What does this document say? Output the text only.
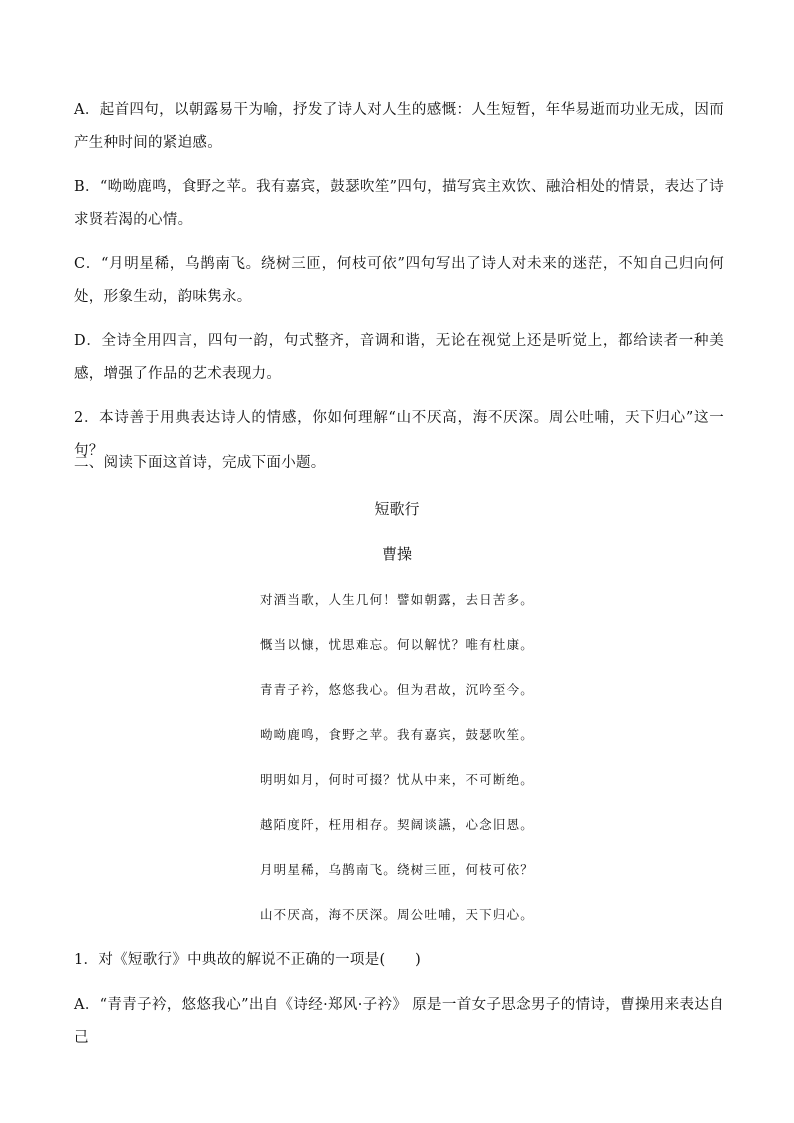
A．起首四句，以朝露易干为喻，抒发了诗人对人生的感慨：人生短暂，年华易逝而功业无成，因而产生种时间的紧迫感。

B．“呦呦鹿鸣，食野之苹。我有嘉宾，鼓瑟吹笙”四句，描写宾主欢饮、融洽相处的情景，表达了诗求贤若渴的心情。

C．“月明星稀，乌鹊南飞。绕树三匝，何枝可依”四句写出了诗人对未来的迷茫，不知自己归向何处，形象生动，韵味隽永。

D．全诗全用四言，四句一韵，句式整齐，音调和谐，无论在视觉上还是听觉上，都给读者一种美感，增强了作品的艺术表现力。

2．本诗善于用典表达诗人的情感，你如何理解“山不厌高，海不厌深。周公吐哺，天下归心”这一句？

二、阅读下面这首诗，完成下面小题。

短歌行

曹操

对酒当歌，人生几何！譬如朝露，去日苦多。

慨当以慷，忧思难忘。何以解忧？唯有杜康。

青青子衿，悠悠我心。但为君故，沉吟至今。

呦呦鹿鸣，食野之苹。我有嘉宾，鼓瑟吹笙。

明明如月，何时可掇？忧从中来，不可断绝。

越陌度阡，枉用相存。契阔谈讌，心念旧恩。

月明星稀，乌鹊南飞。绕树三匝，何枝可依？

山不厌高，海不厌深。周公吐哺，天下归心。

1．对《短歌行》中典故的解说不正确的一项是(　　)

A．“青青子衿，悠悠我心”出自《诗经·郑风·子衿》 原是一首女子思念男子的情诗，曹操用来表达自己
